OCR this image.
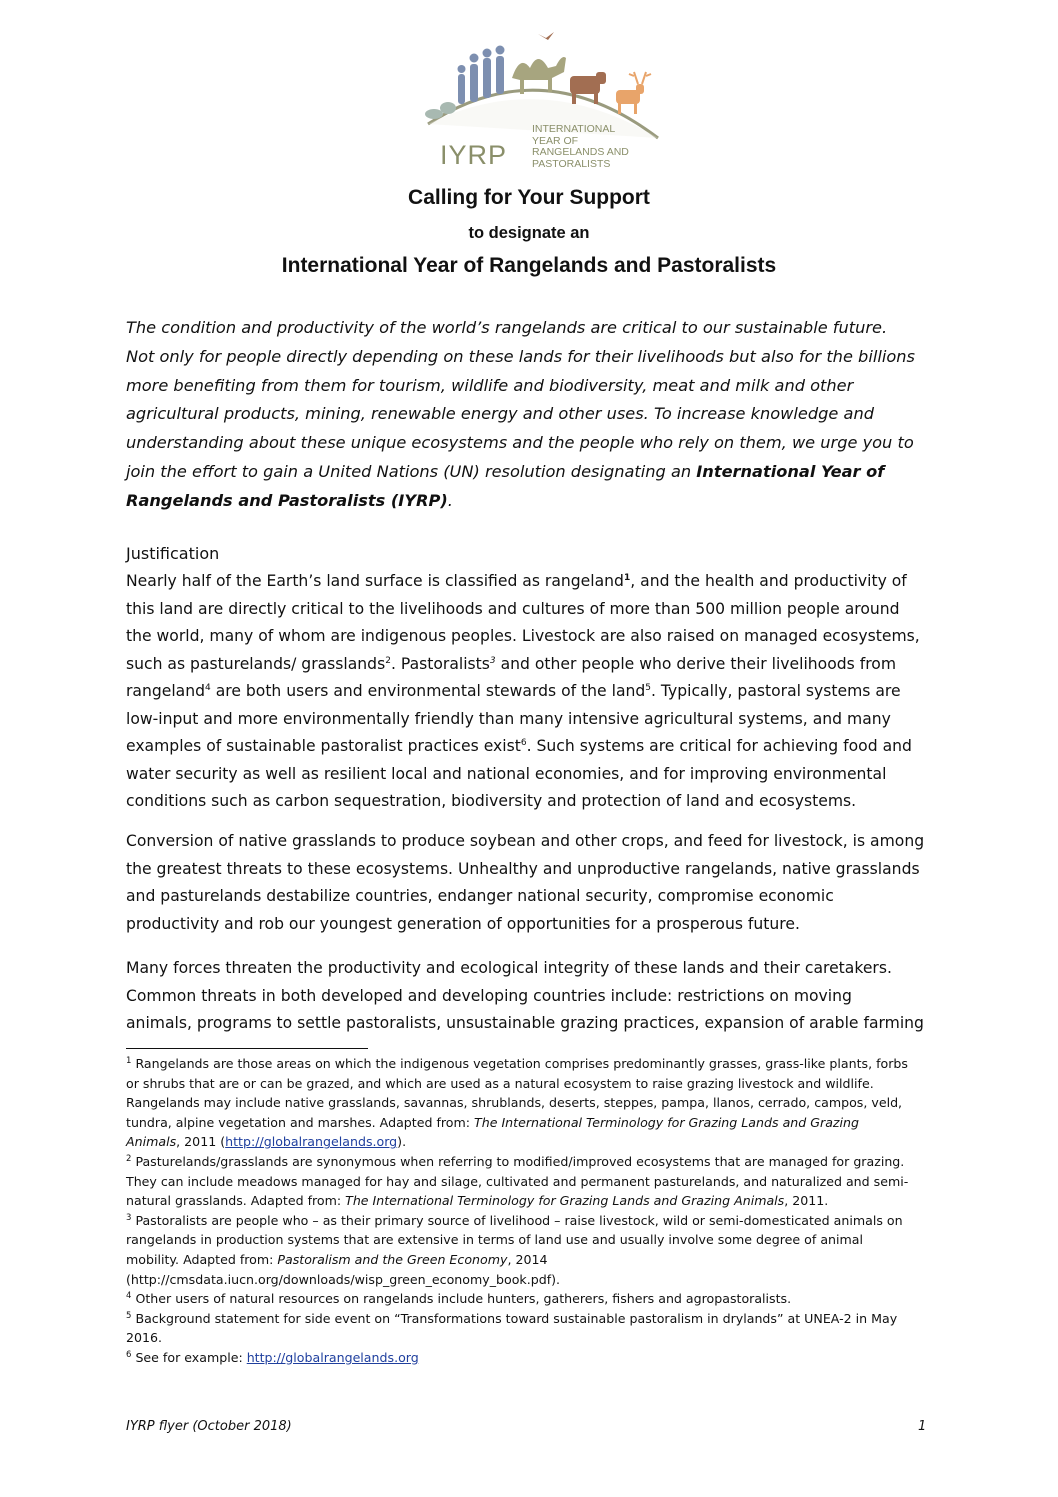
IYRP
INTERNATIONAL
YEAR OF
RANGELANDS AND
PASTORALISTS
Calling for Your Support
to designate an
International Year of Rangelands and Pastoralists
The condition and productivity of the world’s rangelands are critical to our sustainable future.
Not only for people directly depending on these lands for their livelihoods but also for the billions
more benefiting from them for tourism, wildlife and biodiversity, meat and milk and other
agricultural products, mining, renewable energy and other uses. To increase knowledge and
understanding about these unique ecosystems and the people who rely on them, we urge you to
join the effort to gain a United Nations (UN) resolution designating an International Year of
Rangelands and Pastoralists (IYRP).
Justification
Nearly half of the Earth’s land surface is classified as rangeland$^1$, and the health and productivity of
this land are directly critical to the livelihoods and cultures of more than 500 million people around
the world, many of whom are indigenous peoples. Livestock are also raised on managed ecosystems,
such as pasturelands/ grasslands$^2$. Pastoralists$^3$ and other people who derive their livelihoods from
rangeland$^4$ are both users and environmental stewards of the land$^5$. Typically, pastoral systems are
low-input and more environmentally friendly than many intensive agricultural systems, and many
examples of sustainable pastoralist practices exist$^6$. Such systems are critical for achieving food and
water security as well as resilient local and national economies, and for improving environmental
conditions such as carbon sequestration, biodiversity and protection of land and ecosystems.
Conversion of native grasslands to produce soybean and other crops, and feed for livestock, is among
the greatest threats to these ecosystems. Unhealthy and unproductive rangelands, native grasslands
and pasturelands destabilize countries, endanger national security, compromise economic
productivity and rob our youngest generation of opportunities for a prosperous future.
Many forces threaten the productivity and ecological integrity of these lands and their caretakers.
Common threats in both developed and developing countries include: restrictions on moving
animals, programs to settle pastoralists, unsustainable grazing practices, expansion of arable farming
$^1$ Rangelands are those areas on which the indigenous vegetation comprises predominantly grasses, grass-like plants, forbs
or shrubs that are or can be grazed, and which are used as a natural ecosystem to raise grazing livestock and wildlife.
Rangelands may include native grasslands, savannas, shrublands, deserts, steppes, pampa, llanos, cerrado, campos, veld,
tundra, alpine vegetation and marshes. Adapted from: The International Terminology for Grazing Lands and Grazing
Animals, 2011 (http://globalrangelands.org).
$^2$ Pasturelands/grasslands are synonymous when referring to modified/improved ecosystems that are managed for grazing.
They can include meadows managed for hay and silage, cultivated and permanent pasturelands, and naturalized and semi-
natural grasslands. Adapted from: The International Terminology for Grazing Lands and Grazing Animals, 2011.
$^3$ Pastoralists are people who – as their primary source of livelihood – raise livestock, wild or semi-domesticated animals on
rangelands in production systems that are extensive in terms of land use and usually involve some degree of animal
mobility. Adapted from: Pastoralism and the Green Economy, 2014
(http://cmsdata.iucn.org/downloads/wisp_green_economy_book.pdf).
$^4$ Other users of natural resources on rangelands include hunters, gatherers, fishers and agropastoralists.
$^5$ Background statement for side event on “Transformations toward sustainable pastoralism in drylands” at UNEA-2 in May
2016.
$^6$ See for example: http://globalrangelands.org
IYRP flyer (October 2018)	1
